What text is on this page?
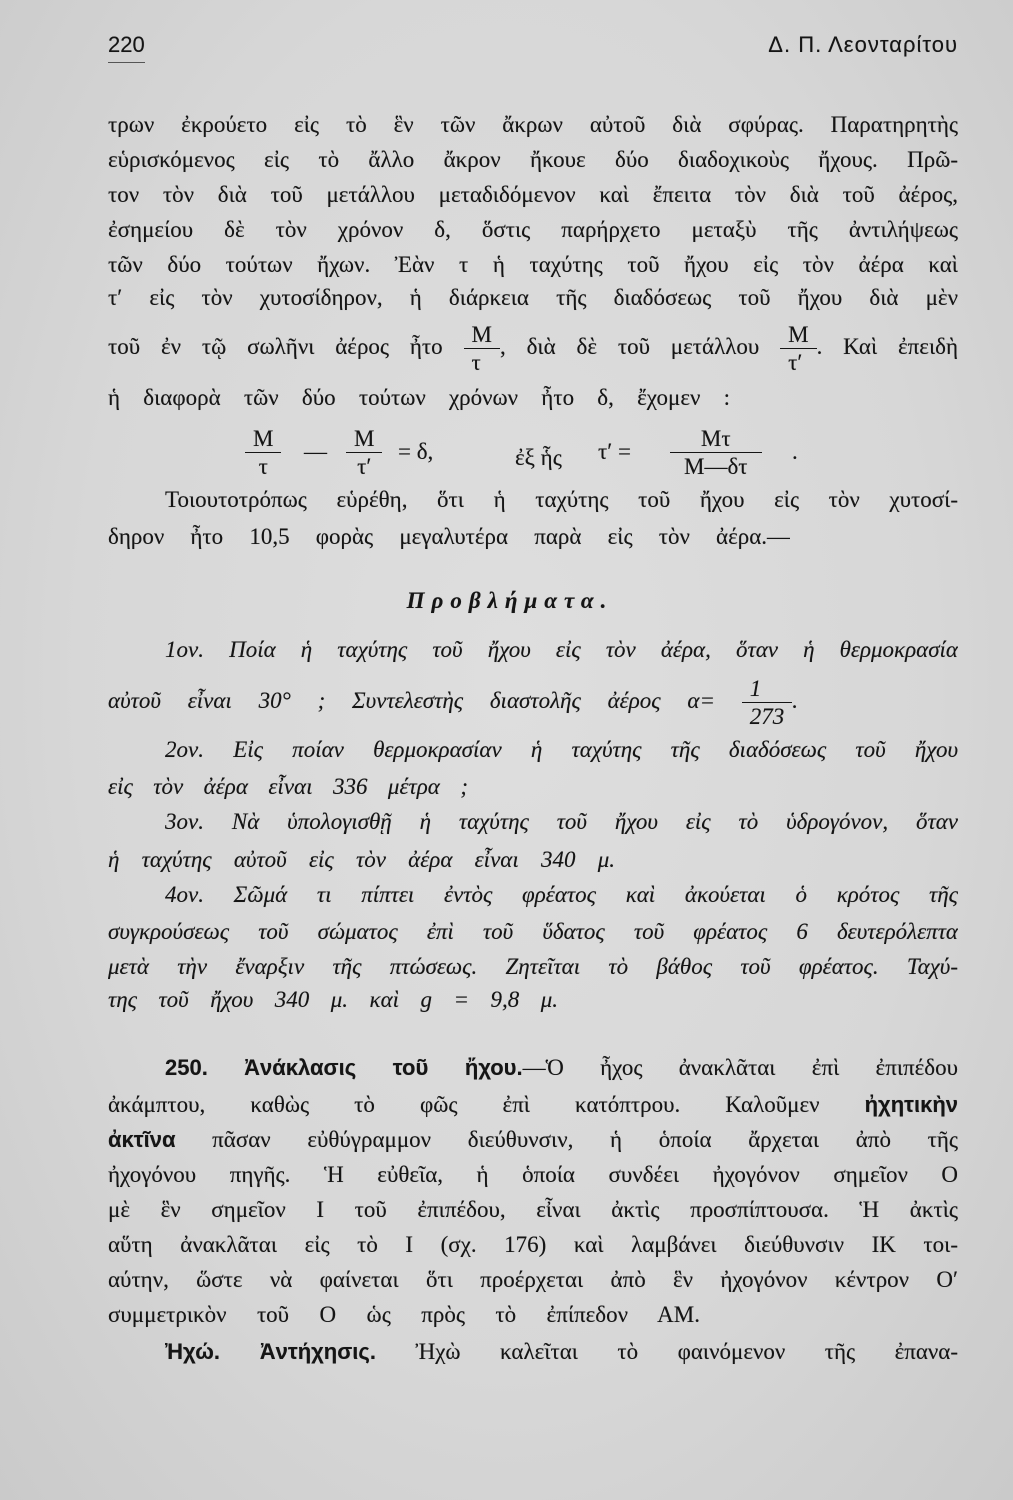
220	Δ. Π. Λεονταρίτου
τρων ἐκρούετο εἰς τὸ ἓν τῶν ἄκρων αὐτοῦ διὰ σφύρας. Παρατηρητὴς
εὑρισκόμενος εἰς τὸ ἄλλο ἄκρον ἤκουε δύο διαδοχικοὺς ἤχους. Πρῶ-
τον τὸν διὰ τοῦ μετάλλου μεταδιδόμενον καὶ ἔπειτα τὸν διὰ τοῦ ἀέρος,
ἐσημείου δὲ τὸν χρόνον δ, ὅστις παρήρχετο μεταξὺ τῆς ἀντιλήψεως
τῶν δύο τούτων ἤχων. Ἐὰν τ ἡ ταχύτης τοῦ ἤχου εἰς τὸν ἀέρα καὶ
τ′ εἰς τὸν χυτοσίδηρον, ἡ διάρκεια τῆς διαδόσεως τοῦ ἤχου διὰ μὲν
τοῦ ἐν τῷ σωλῆνι ἀέρος ἦτο $\frac{M}{\tau}$ , διὰ δὲ τοῦ μετάλλου $\frac{M}{\tau'}$ . Καὶ ἐπειδὴ
ἡ διαφορὰ τῶν δύο τούτων χρόνων ἦτο δ, ἔχομεν :
$\frac{M}{\tau}$ — $\frac{M}{\tau'} = \delta$,	ἐξ ἧς $\tau' = \frac{M\tau}{M—\delta\tau}$ .
Τοιουτοτρόπως εὑρέθη, ὅτι ἡ ταχύτης τοῦ ἤχου εἰς τὸν χυτοσί-
δηρον ἦτο 10,5 φορὰς μεγαλυτέρα παρὰ εἰς τὸν ἀέρα.—
Προβλήματα.
1ον. Ποία ἡ ταχύτης τοῦ ἤχου εἰς τὸν ἀέρα, ὅταν ἡ θερμοκρασία
αὐτοῦ εἶναι 30° ; Συντελεστὴς διαστολῆς ἀέρος $\alpha= \frac{1}{273}$ .
2ον. Εἰς ποίαν θερμοκρασίαν ἡ ταχύτης τῆς διαδόσεως τοῦ ἤχου
εἰς τὸν ἀέρα εἶναι 336 μέτρα ;
3ον. Νὰ ὑπολογισθῇ ἡ ταχύτης τοῦ ἤχου εἰς τὸ ὑδρογόνον, ὅταν
ἡ ταχύτης αὐτοῦ εἰς τὸν ἀέρα εἶναι 340 μ.
4ον. Σῶμά τι πίπτει ἐντὸς φρέατος καὶ ἀκούεται ὁ κρότος τῆς
συγκρούσεως τοῦ σώματος ἐπὶ τοῦ ὕδατος τοῦ φρέατος 6 δευτερόλεπτα
μετὰ τὴν ἔναρξιν τῆς πτώσεως. Ζητεῖται τὸ βάθος τοῦ φρέατος. Ταχύ-
της τοῦ ἤχου 340 μ. καὶ g = 9,8 μ.
250. Ἀνάκλασις τοῦ ἤχου.—Ὁ ἦχος ἀνακλᾶται ἐπὶ ἐπιπέδου
ἀκάμπτου, καθὼς τὸ φῶς ἐπὶ κατόπτρου. Καλοῦμεν ἠχητικὴν
ἀκτῖνα πᾶσαν εὐθύγραμμον διεύθυνσιν, ἡ ὁποία ἄρχεται ἀπὸ τῆς
ἠχογόνου πηγῆς. Ἡ εὐθεῖα, ἡ ὁποία συνδέει ἠχογόνον σημεῖον Ο
μὲ ἓν σημεῖον Ι τοῦ ἐπιπέδου, εἶναι ἀκτὶς προσπίπτουσα. Ἡ ἀκτὶς
αὕτη ἀνακλᾶται εἰς τὸ Ι (σχ. 176) καὶ λαμβάνει διεύθυνσιν ΙΚ τοι-
αύτην, ὥστε νὰ φαίνεται ὅτι προέρχεται ἀπὸ ἓν ἠχογόνον κέντρον Ο′
συμμετρικὸν τοῦ Ο ὡς πρὸς τὸ ἐπίπεδον ΑΜ.
Ἠχώ. Ἀντήχησις. Ἠχὼ καλεῖται τὸ φαινόμενον τῆς ἐπανα-
